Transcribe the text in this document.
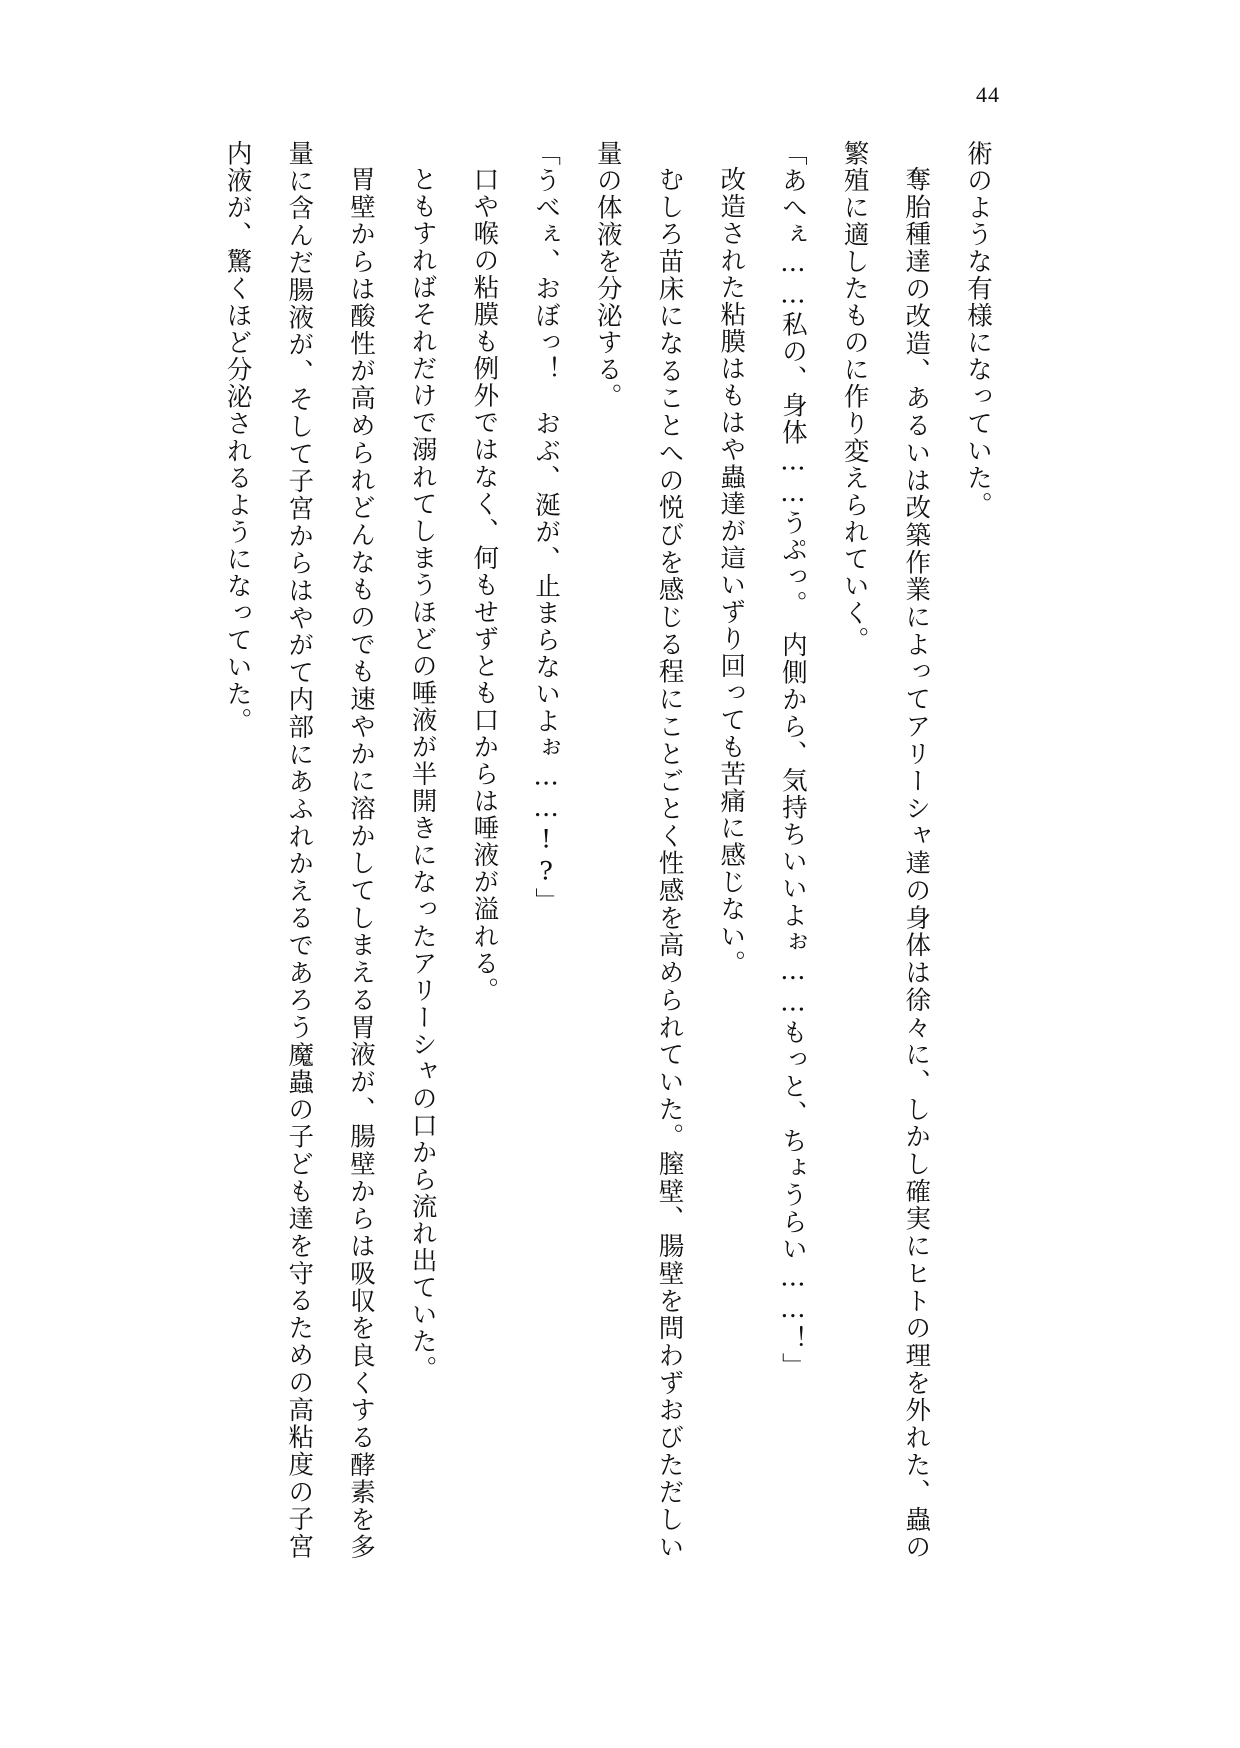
44

術のような有様になっていた。

奪胎種達の改造、あるいは改築作業によってアリーシャ達の身体は徐々に、しかし確実にヒトの理を外れた、蟲の繁殖に適したものに作り変えられていく。

「あへぇ……私の、身体……うぷっ。　内側から、気持ちいいよぉ……もっと、ちょうらい……！」

改造された粘膜はもはや蟲達が這いずり回っても苦痛に感じない。

むしろ苗床になることへの悦びを感じる程にことごとく性感を高められていた。膣壁、腸壁を問わずおびただしい量の体液を分泌する。

「うべぇ、おぼっ！　おぶ、涎が、止まらないよぉ……!?」

口や喉の粘膜も例外ではなく、何もせずとも口からは唾液が溢れる。

ともすればそれだけで溺れてしまうほどの唾液が半開きになったアリーシャの口から流れ出ていた。

胃壁からは酸性が高められどんなものでも速やかに溶かしてしまえる胃液が、腸壁からは吸収を良くする酵素を多量に含んだ腸液が、そして子宮からはやがて内部にあふれかえるであろう魔蟲の子ども達を守るための高粘度の子宮内液が、驚くほど分泌されるようになっていた。
